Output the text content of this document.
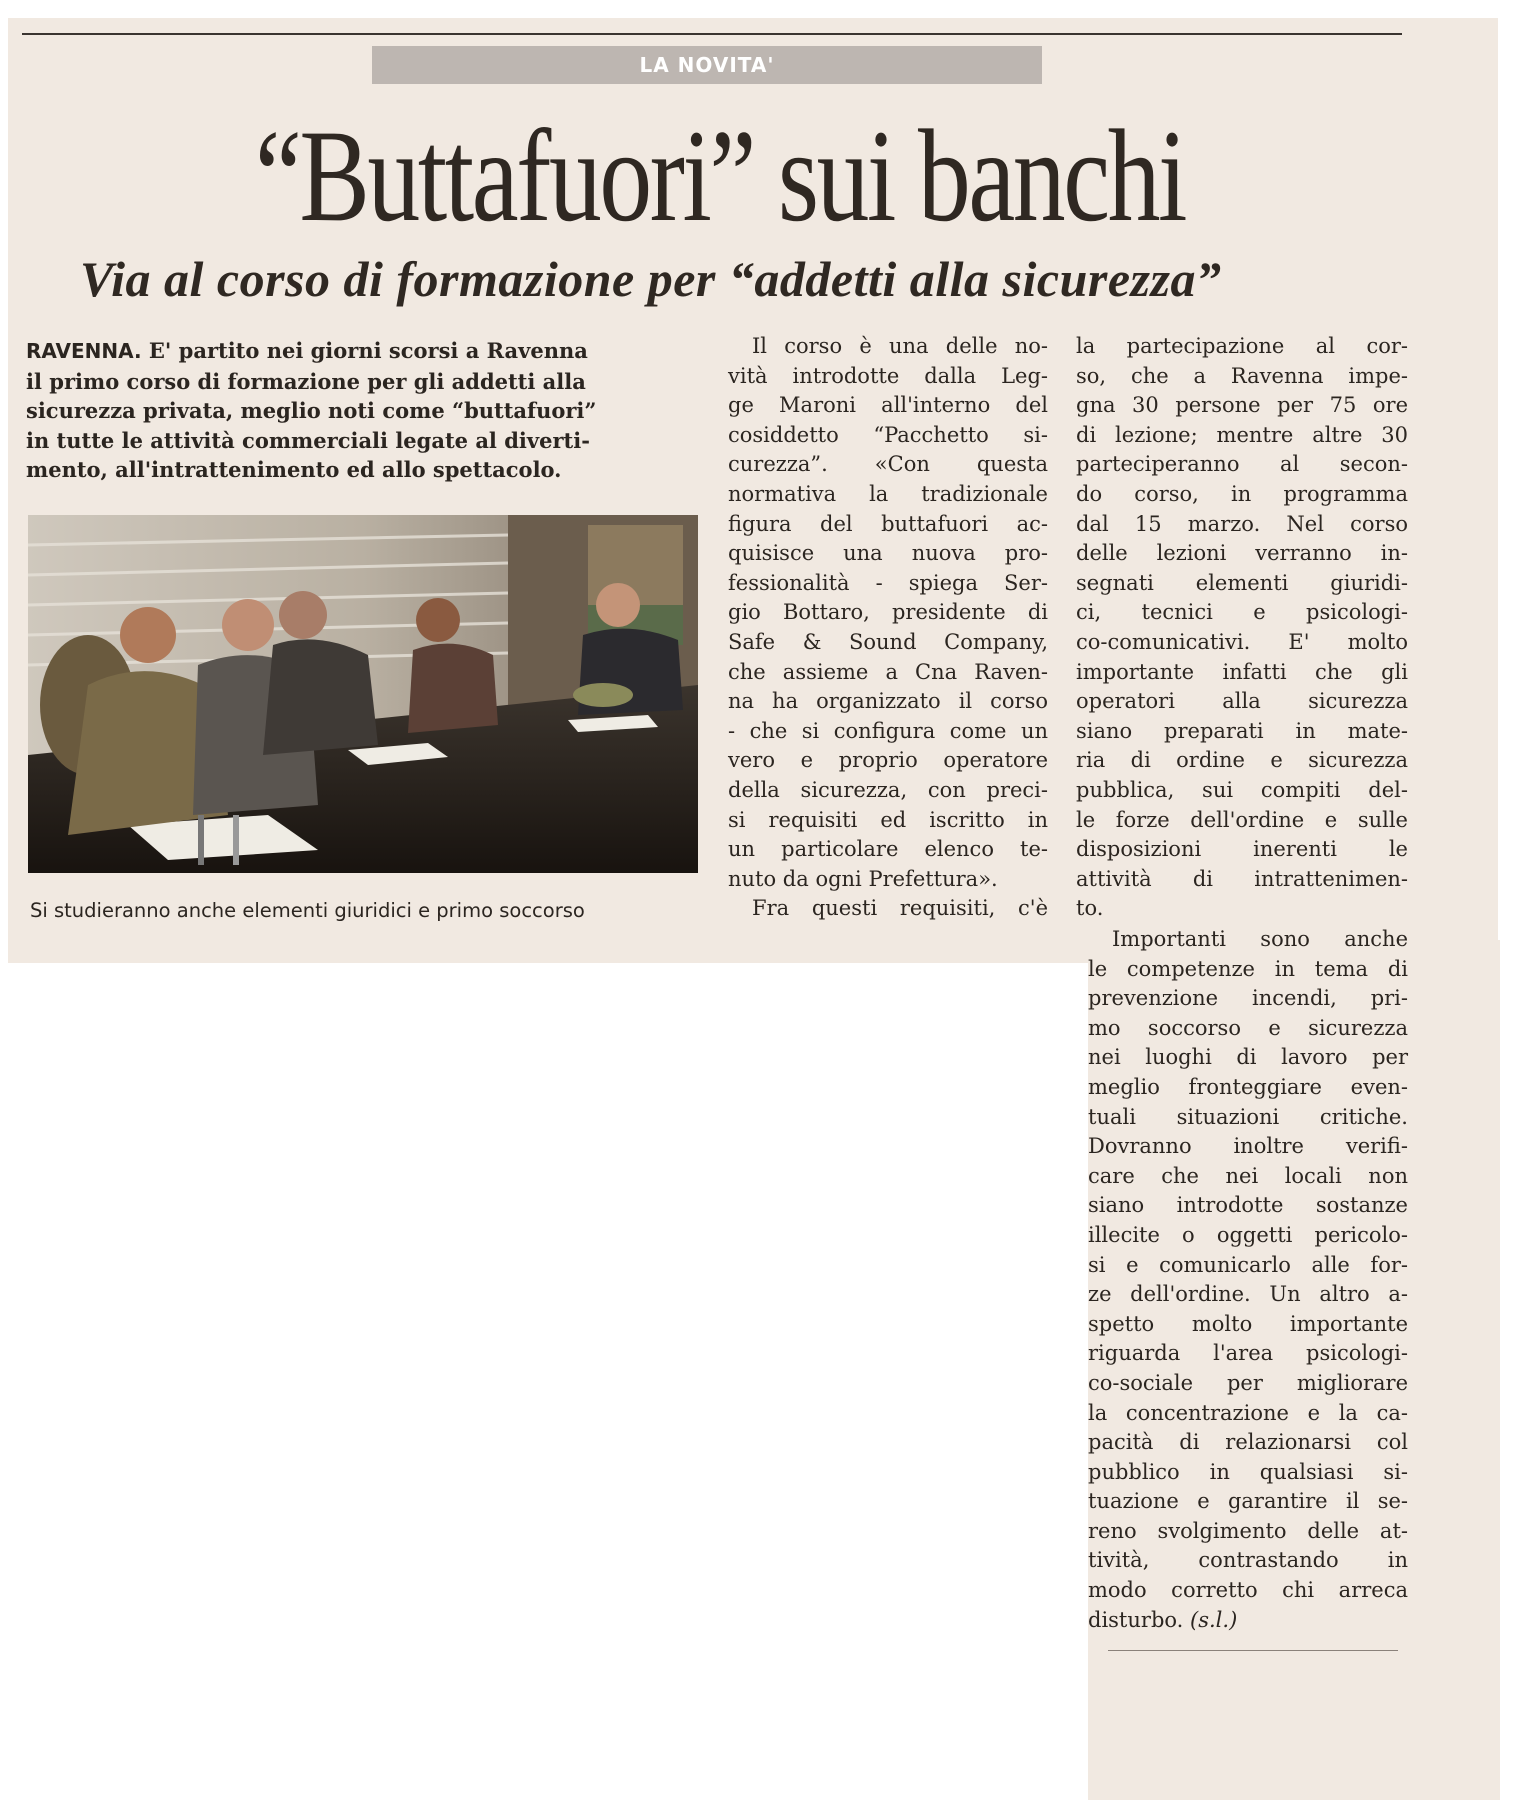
LA NOVITA'
“Buttafuori” sui banchi
Via al corso di formazione per “addetti alla sicurezza”
RAVENNA. E' partito nei giorni scorsi a Ravenna
il primo corso di formazione per gli addetti alla
sicurezza privata, meglio noti come “buttafuori”
in tutte le attività commerciali legate al diverti-
mento, all'intrattenimento ed allo spettacolo.
Si studieranno anche elementi giuridici e primo soccorso
Il corso è una delle no-
vità introdotte dalla Leg-
ge Maroni all'interno del
cosiddetto “Pacchetto si-
curezza”. «Con questa
normativa la tradizionale
figura del buttafuori ac-
quisisce una nuova pro-
fessionalità - spiega Ser-
gio Bottaro, presidente di
Safe & Sound Company,
che assieme a Cna Raven-
na ha organizzato il corso
- che si configura come un
vero e proprio operatore
della sicurezza, con preci-
si requisiti ed iscritto in
un particolare elenco te-
nuto da ogni Prefettura».
Fra questi requisiti, c'è
la partecipazione al cor-
so, che a Ravenna impe-
gna 30 persone per 75 ore
di lezione; mentre altre 30
parteciperanno al secon-
do corso, in programma
dal 15 marzo. Nel corso
delle lezioni verranno in-
segnati elementi giuridi-
ci, tecnici e psicologi-
co-comunicativi. E' molto
importante infatti che gli
operatori alla sicurezza
siano preparati in mate-
ria di ordine e sicurezza
pubblica, sui compiti del-
le forze dell'ordine e sulle
disposizioni inerenti le
attività di intrattenimen-
to.
Importanti sono anche
le competenze in tema di
prevenzione incendi, pri-
mo soccorso e sicurezza
nei luoghi di lavoro per
meglio fronteggiare even-
tuali situazioni critiche.
Dovranno inoltre verifi-
care che nei locali non
siano introdotte sostanze
illecite o oggetti pericolo-
si e comunicarlo alle for-
ze dell'ordine. Un altro a-
spetto molto importante
riguarda l'area psicologi-
co-sociale per migliorare
la concentrazione e la ca-
pacità di relazionarsi col
pubblico in qualsiasi si-
tuazione e garantire il se-
reno svolgimento delle at-
tività, contrastando in
modo corretto chi arreca
disturbo. (s.l.)
